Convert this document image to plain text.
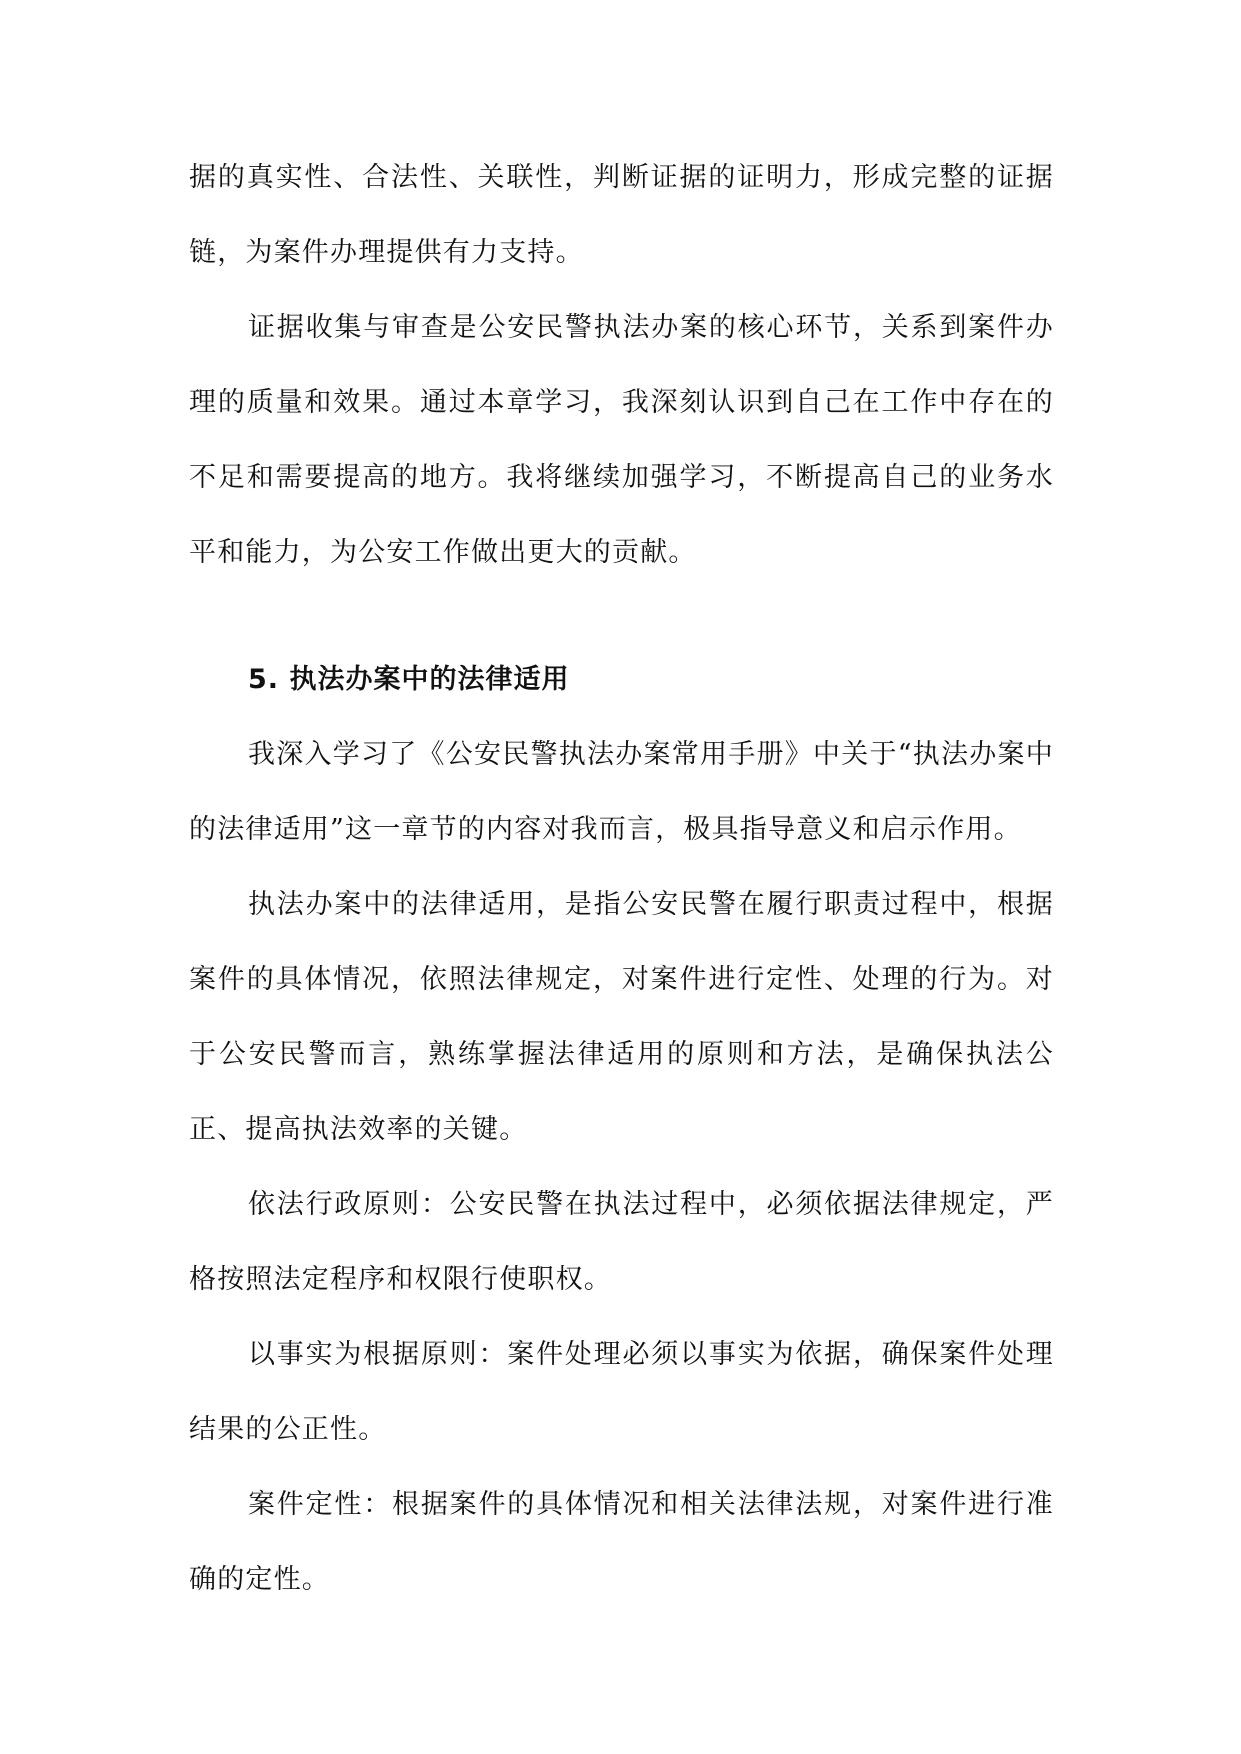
据的真实性、合法性、关联性，判断证据的证明力，形成完整的证据链，为案件办理提供有力支持。

证据收集与审查是公安民警执法办案的核心环节，关系到案件办理的质量和效果。通过本章学习，我深刻认识到自己在工作中存在的不足和需要提高的地方。我将继续加强学习，不断提高自己的业务水平和能力，为公安工作做出更大的贡献。

5. 执法办案中的法律适用

我深入学习了《公安民警执法办案常用手册》中关于“执法办案中的法律适用”这一章节的内容对我而言，极具指导意义和启示作用。

执法办案中的法律适用，是指公安民警在履行职责过程中，根据案件的具体情况，依照法律规定，对案件进行定性、处理的行为。对于公安民警而言，熟练掌握法律适用的原则和方法，是确保执法公正、提高执法效率的关键。

依法行政原则：公安民警在执法过程中，必须依据法律规定，严格按照法定程序和权限行使职权。

以事实为根据原则：案件处理必须以事实为依据，确保案件处理结果的公正性。

案件定性：根据案件的具体情况和相关法律法规，对案件进行准确的定性。
